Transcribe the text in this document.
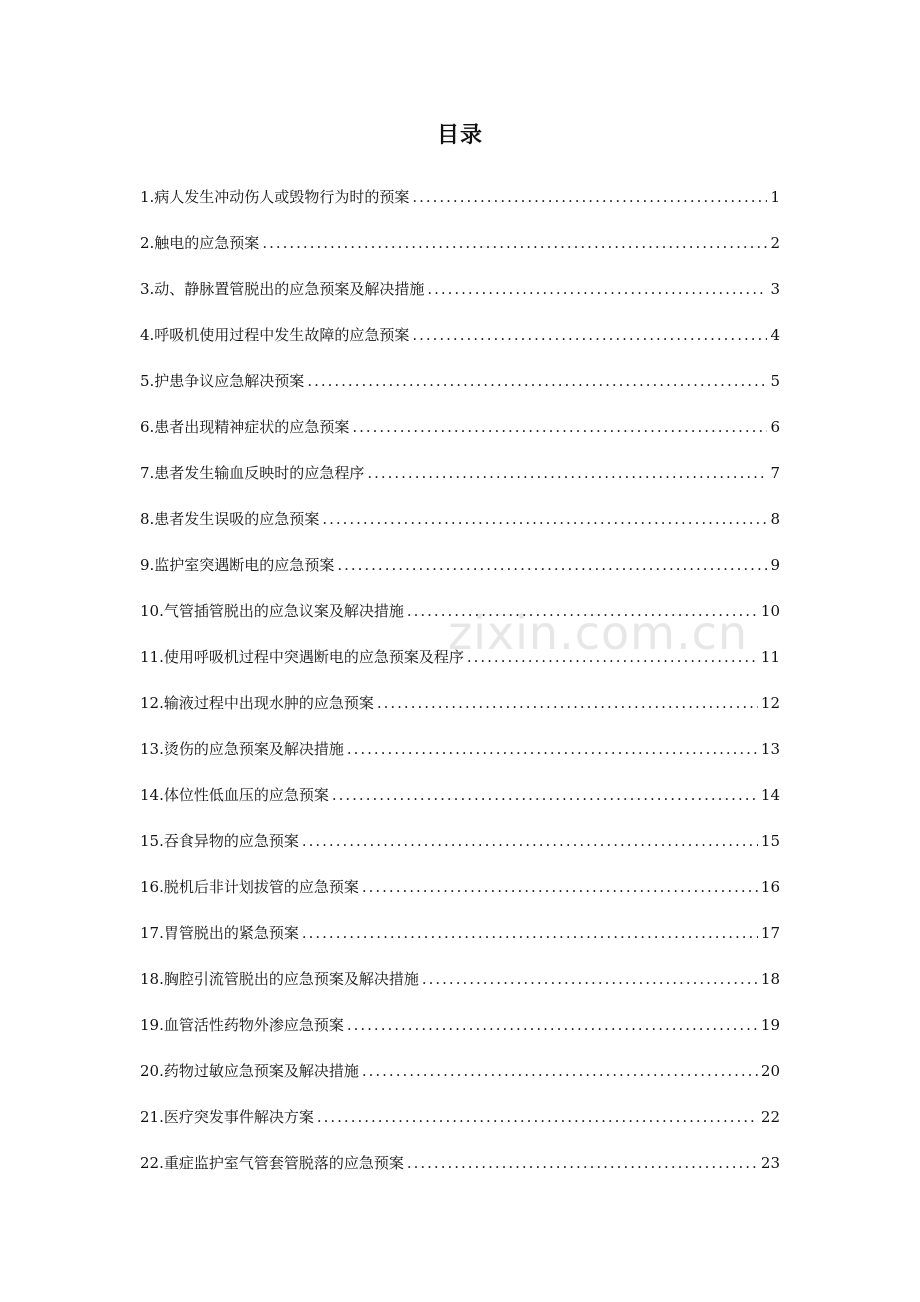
目录
1.病人发生冲动伤人或毁物行为时的预案 .....	1
2.触电的应急预案 .....	2
3.动、静脉置管脱出的应急预案及解决措施 .....	3
4.呼吸机使用过程中发生故障的应急预案 .....	4
5.护患争议应急解决预案 .....	5
6.患者出现精神症状的应急预案 .....	6
7.患者发生输血反映时的应急程序 .....	7
8.患者发生误吸的应急预案 .....	8
9.监护室突遇断电的应急预案 .....	9
10.气管插管脱出的应急议案及解决措施 .....	10
11.使用呼吸机过程中突遇断电的应急预案及程序 .....	11
12.输液过程中出现水肿的应急预案 .....	12
13.烫伤的应急预案及解决措施 .....	13
14.体位性低血压的应急预案 .....	14
15.吞食异物的应急预案 .....	15
16.脱机后非计划拔管的应急预案 .....	16
17.胃管脱出的紧急预案 .....	17
18.胸腔引流管脱出的应急预案及解决措施 .....	18
19.血管活性药物外渗应急预案 .....	19
20.药物过敏应急预案及解决措施 .....	20
21.医疗突发事件解决方案 .....	22
22.重症监护室气管套管脱落的应急预案 .....	23
zixin.com.cn
